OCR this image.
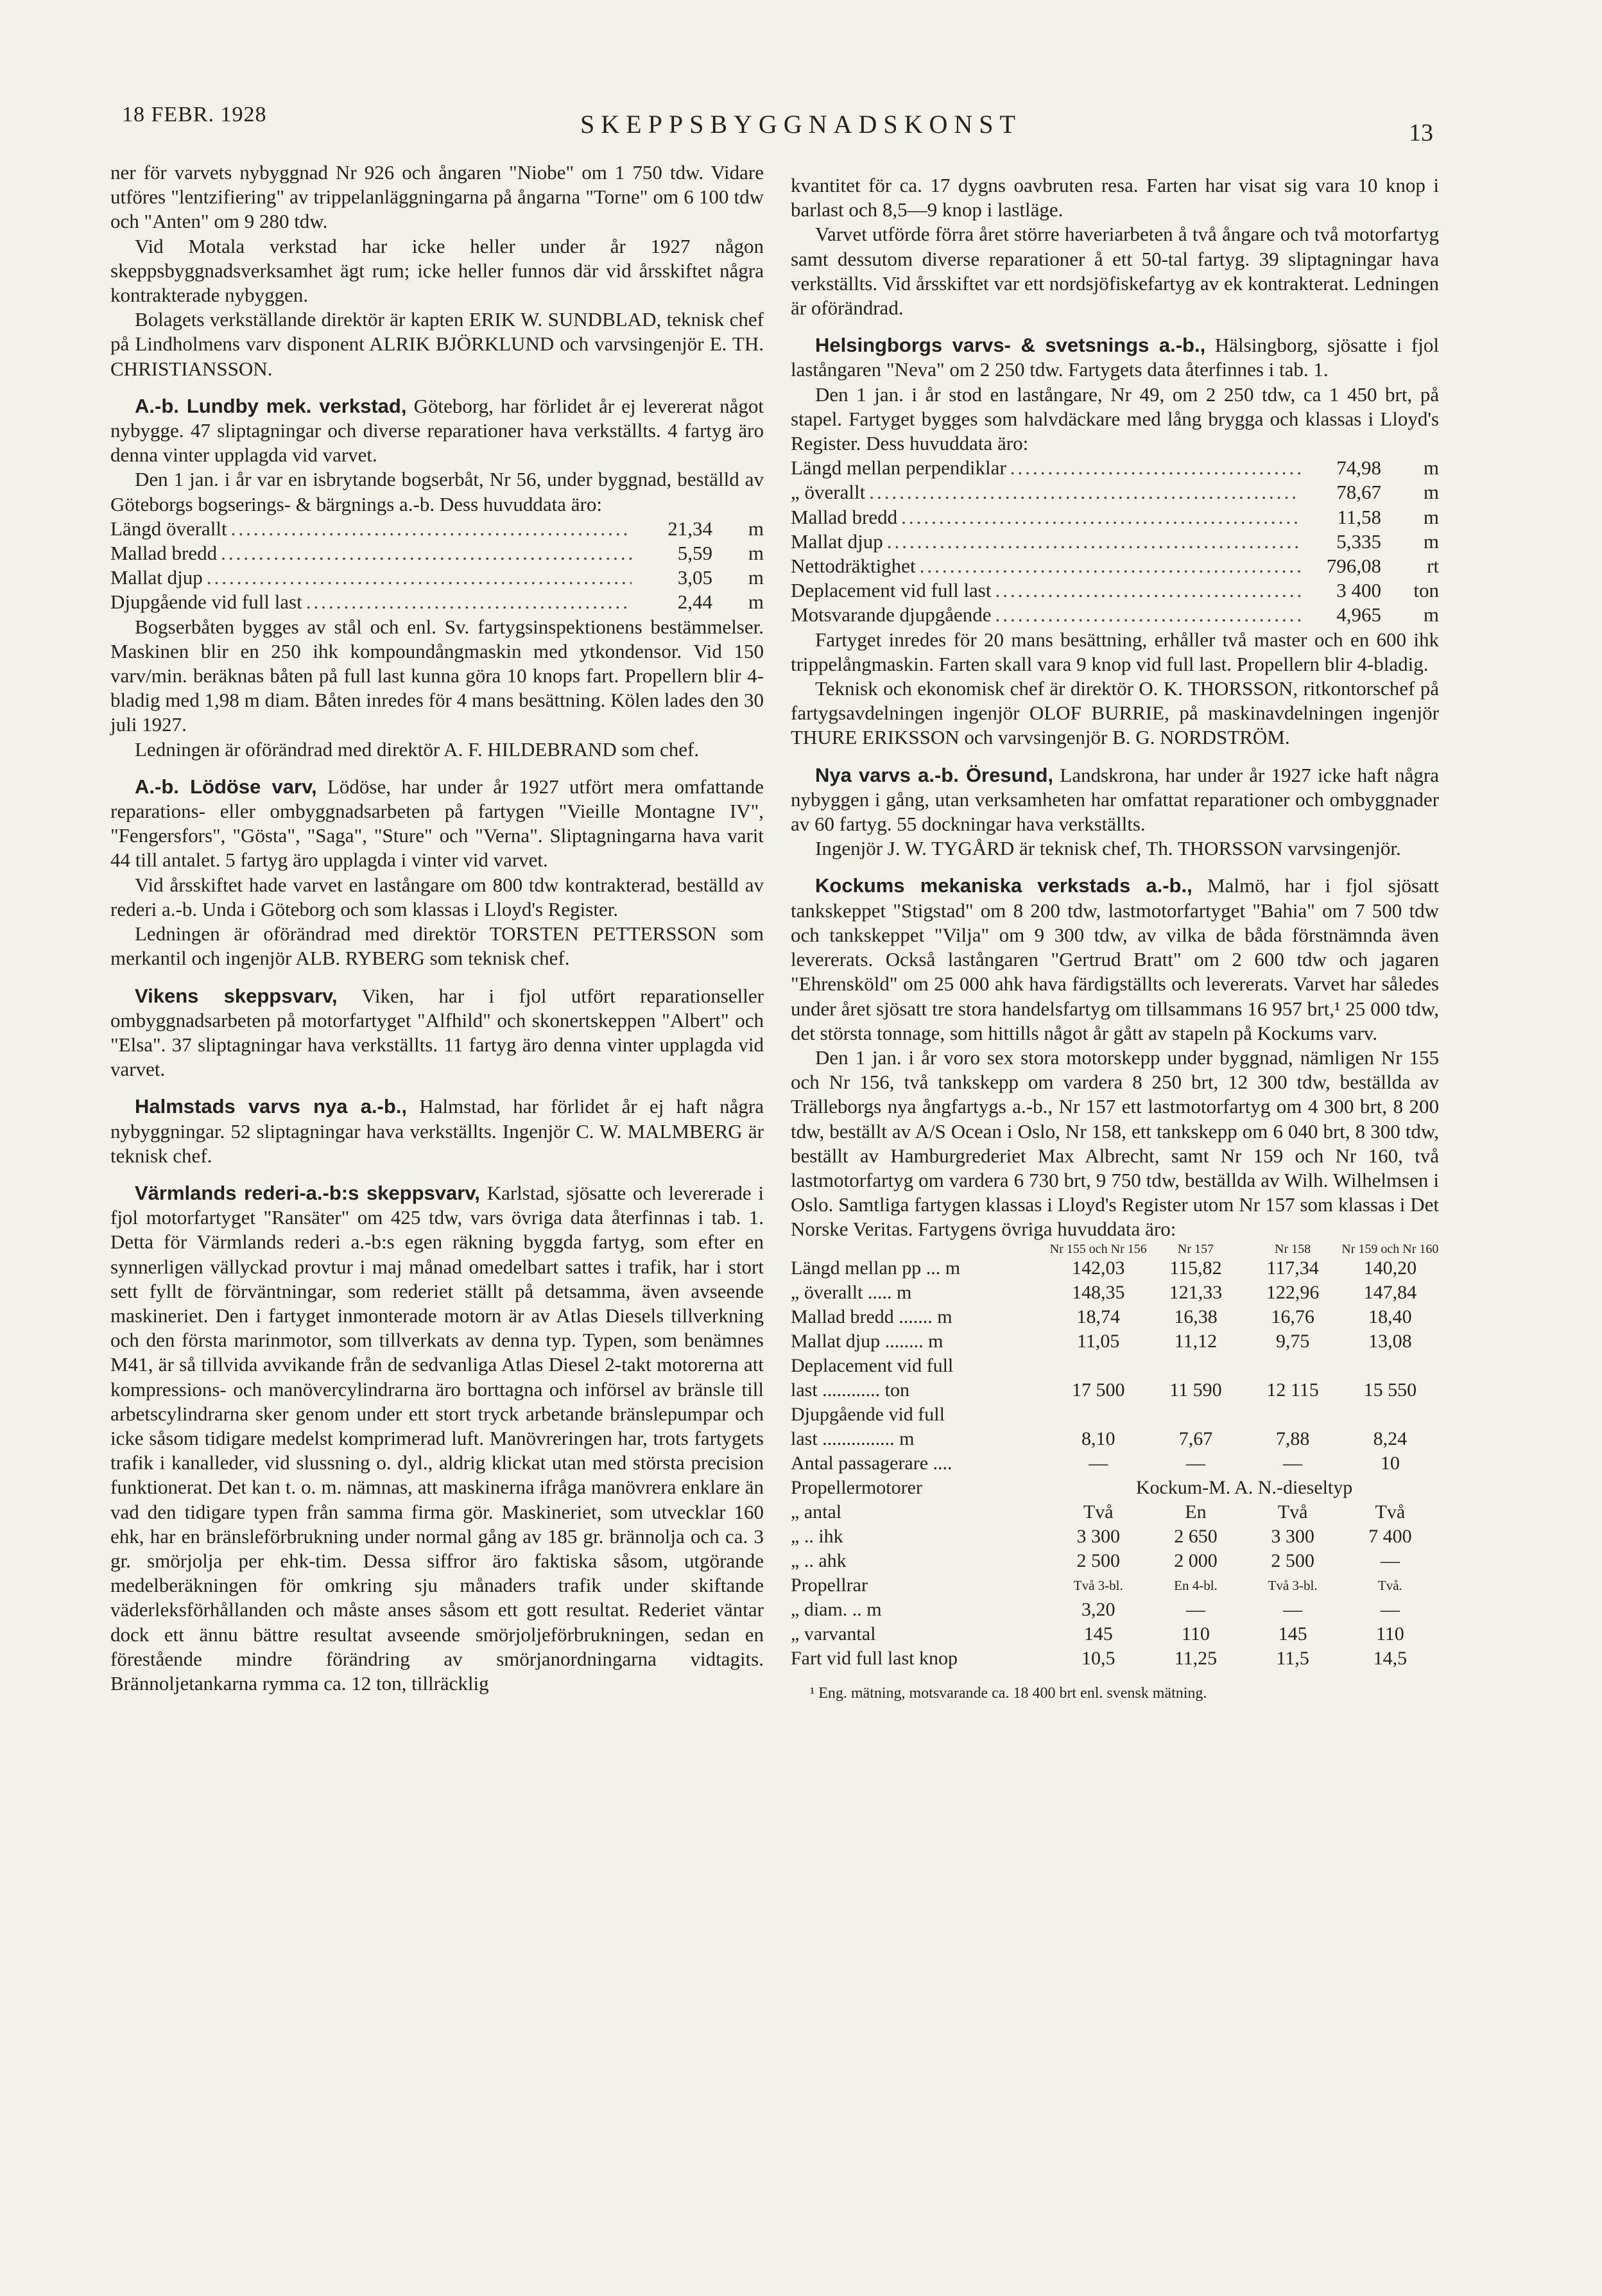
18 FEBR. 1928	SKEPPSBYGGNADSKONST	13

ner för varvets nybyggnad Nr 926 och ångaren "Niobe" om 1 750 tdw. Vidare utföres "lentzifiering" av trippelanläggningarna på ångarna "Torne" om 6 100 tdw och "Anten" om 9 280 tdw.

Vid Motala verkstad har icke heller under år 1927 någon skeppsbyggnadsverksamhet ägt rum; icke heller funnos där vid årsskiftet några kontrakterade nybyggen.

Bolagets verkställande direktör är kapten ERIK W. SUNDBLAD, teknisk chef på Lindholmens varv disponent ALRIK BJÖRKLUND och varvsingenjör E. TH. CHRISTIANSSON.

A.-b. Lundby mek. verkstad, Göteborg, har förlidet år ej levererat något nybygge. 47 sliptagningar och diverse reparationer hava verkställts. 4 fartyg äro denna vinter upplagda vid varvet.

Den 1 jan. i år var en isbrytande bogserbåt, Nr 56, under byggnad, beställd av Göteborgs bogserings- & bärgnings a.-b. Dess huvuddata äro:

Längd överallt .....	21,34	m
Mallad bredd .....	5,59	m
Mallat djup .....	3,05	m
Djupgående vid full last .....	2,44	m

Bogserbåten bygges av stål och enl. Sv. fartygsinspektionens bestämmelser. Maskinen blir en 250 ihk kompoundångmaskin med ytkondensor. Vid 150 varv/min. beräknas båten på full last kunna göra 10 knops fart. Propellern blir 4-bladig med 1,98 m diam. Båten inredes för 4 mans besättning. Kölen lades den 30 juli 1927.

Ledningen är oförändrad med direktör A. F. HILDEBRAND som chef.

A.-b. Lödöse varv, Lödöse, har under år 1927 utfört mera omfattande reparations- eller ombyggnadsarbeten på fartygen "Vieille Montagne IV", "Fengersfors", "Gösta", "Saga", "Sture" och "Verna". Sliptagningarna hava varit 44 till antalet. 5 fartyg äro upplagda i vinter vid varvet.

Vid årsskiftet hade varvet en lastångare om 800 tdw kontrakterad, beställd av rederi a.-b. Unda i Göteborg och som klassas i Lloyd's Register.

Ledningen är oförändrad med direktör TORSTEN PETTERSSON som merkantil och ingenjör ALB. RYBERG som teknisk chef.

Vikens skeppsvarv, Viken, har i fjol utfört reparationseller ombyggnadsarbeten på motorfartyget "Alfhild" och skonertskeppen "Albert" och "Elsa". 37 sliptagningar hava verkställts. 11 fartyg äro denna vinter upplagda vid varvet.

Halmstads varvs nya a.-b., Halmstad, har förlidet år ej haft några nybyggningar. 52 sliptagningar hava verkställts. Ingenjör C. W. MALMBERG är teknisk chef.

Värmlands rederi-a.-b:s skeppsvarv, Karlstad, sjösatte och levererade i fjol motorfartyget "Ransäter" om 425 tdw, vars övriga data återfinnas i tab. 1. Detta för Värmlands rederi a.-b:s egen räkning byggda fartyg, som efter en synnerligen vällyckad provtur i maj månad omedelbart sattes i trafik, har i stort sett fyllt de förväntningar, som rederiet ställt på detsamma, även avseende maskineriet. Den i fartyget inmonterade motorn är av Atlas Diesels tillverkning och den första marinmotor, som tillverkats av denna typ. Typen, som benämnes M41, är så tillvida avvikande från de sedvanliga Atlas Diesel 2-takt motorerna att kompressions- och manövercylindrarna äro borttagna och införsel av bränsle till arbetscylindrarna sker genom under ett stort tryck arbetande bränslepumpar och icke såsom tidigare medelst komprimerad luft. Manövreringen har, trots fartygets trafik i kanalleder, vid slussning o. dyl., aldrig klickat utan med största precision funktionerat. Det kan t. o. m. nämnas, att maskinerna ifråga manövrera enklare än vad den tidigare typen från samma firma gör. Maskineriet, som utvecklar 160 ehk, har en bränsleförbrukning under normal gång av 185 gr. brännolja och ca. 3 gr. smörjolja per ehk-tim. Dessa siffror äro faktiska såsom, utgörande medelberäkningen för omkring sju månaders trafik under skiftande väderleksförhållanden och måste anses såsom ett gott resultat. Rederiet väntar dock ett ännu bättre resultat avseende smörjoljeförbrukningen, sedan en förestående mindre förändring av smörjanordningarna vidtagits. Brännoljetankarna rymma ca. 12 ton, tillräcklig

kvantitet för ca. 17 dygns oavbruten resa. Farten har visat sig vara 10 knop i barlast och 8,5—9 knop i lastläge.

Varvet utförde förra året större haveriarbeten å två ångare och två motorfartyg samt dessutom diverse reparationer å ett 50-tal fartyg. 39 sliptagningar hava verkställts. Vid årsskiftet var ett nordsjöfiskefartyg av ek kontrakterat. Ledningen är oförändrad.

Helsingborgs varvs- & svetsnings a.-b., Hälsingborg, sjösatte i fjol lastångaren "Neva" om 2 250 tdw. Fartygets data återfinnes i tab. 1.

Den 1 jan. i år stod en lastångare, Nr 49, om 2 250 tdw, ca 1 450 brt, på stapel. Fartyget bygges som halvdäckare med lång brygga och klassas i Lloyd's Register. Dess huvuddata äro:

Längd mellan perpendiklar .....	74,98	m
„ överallt .....	78,67	m
Mallad bredd .....	11,58	m
Mallat djup .....	5,335	m
Nettodräktighet .....	796,08	rt
Deplacement vid full last .....	3 400	ton
Motsvarande djupgående .....	4,965	m

Fartyget inredes för 20 mans besättning, erhåller två master och en 600 ihk trippelångmaskin. Farten skall vara 9 knop vid full last. Propellern blir 4-bladig.

Teknisk och ekonomisk chef är direktör O. K. THORSSON, ritkontorschef på fartygsavdelningen ingenjör OLOF BURRIE, på maskinavdelningen ingenjör THURE ERIKSSON och varvsingenjör B. G. NORDSTRÖM.

Nya varvs a.-b. Öresund, Landskrona, har under år 1927 icke haft några nybyggen i gång, utan verksamheten har omfattat reparationer och ombyggnader av 60 fartyg. 55 dockningar hava verkställts.

Ingenjör J. W. TYGÅRD är teknisk chef, Th. THORSSON varvsingenjör.

Kockums mekaniska verkstads a.-b., Malmö, har i fjol sjösatt tankskeppet "Stigstad" om 8 200 tdw, lastmotorfartyget "Bahia" om 7 500 tdw och tankskeppet "Vilja" om 9 300 tdw, av vilka de båda förstnämnda även levererats. Också lastångaren "Gertrud Bratt" om 2 600 tdw och jagaren "Ehrensköld" om 25 000 ahk hava färdigställts och levererats. Varvet har således under året sjösatt tre stora handelsfartyg om tillsammans 16 957 brt,¹ 25 000 tdw, det största tonnage, som hittills något år gått av stapeln på Kockums varv.

Den 1 jan. i år voro sex stora motorskepp under byggnad, nämligen Nr 155 och Nr 156, två tankskepp om vardera 8 250 brt, 12 300 tdw, beställda av Trälleborgs nya ångfartygs a.-b., Nr 157 ett lastmotorfartyg om 4 300 brt, 8 200 tdw, beställt av A/S Ocean i Oslo, Nr 158, ett tankskepp om 6 040 brt, 8 300 tdw, beställt av Hamburgrederiet Max Albrecht, samt Nr 159 och Nr 160, två lastmotorfartyg om vardera 6 730 brt, 9 750 tdw, beställda av Wilh. Wilhelmsen i Oslo. Samtliga fartygen klassas i Lloyd's Register utom Nr 157 som klassas i Det Norske Veritas. Fartygens övriga huvuddata äro:

	Nr 155 och Nr 156	Nr 157	Nr 158	Nr 159 och Nr 160
Längd mellan pp ... m	142,03	115,82	117,34	140,20
„ överallt ..... m	148,35	121,33	122,96	147,84
Mallad bredd ....... m	18,74	16,38	16,76	18,40
Mallat djup ........ m	11,05	11,12	9,75	13,08
Deplacement vid full				
last ............ ton	17 500	11 590	12 115	15 550
Djupgående vid full				
last ............... m	8,10	7,67	7,88	8,24
Antal passagerare ....	—	—	—	10
Propellermotorer	Kockum-M. A. N.-dieseltyp			
„ antal	Två	En	Två	Två
„ .. ihk	3 300	2 650	3 300	7 400
„ .. ahk	2 500	2 000	2 500	—
Propellrar	Två 3-bl.	En 4-bl.	Två 3-bl.	Två.
„ diam. .. m	3,20	—	—	—
„ varvantal	145	110	145	110
Fart vid full last knop	10,5	11,25	11,5	14,5
¹ Eng. mätning, motsvarande ca. 18 400 brt enl. svensk mätning.
